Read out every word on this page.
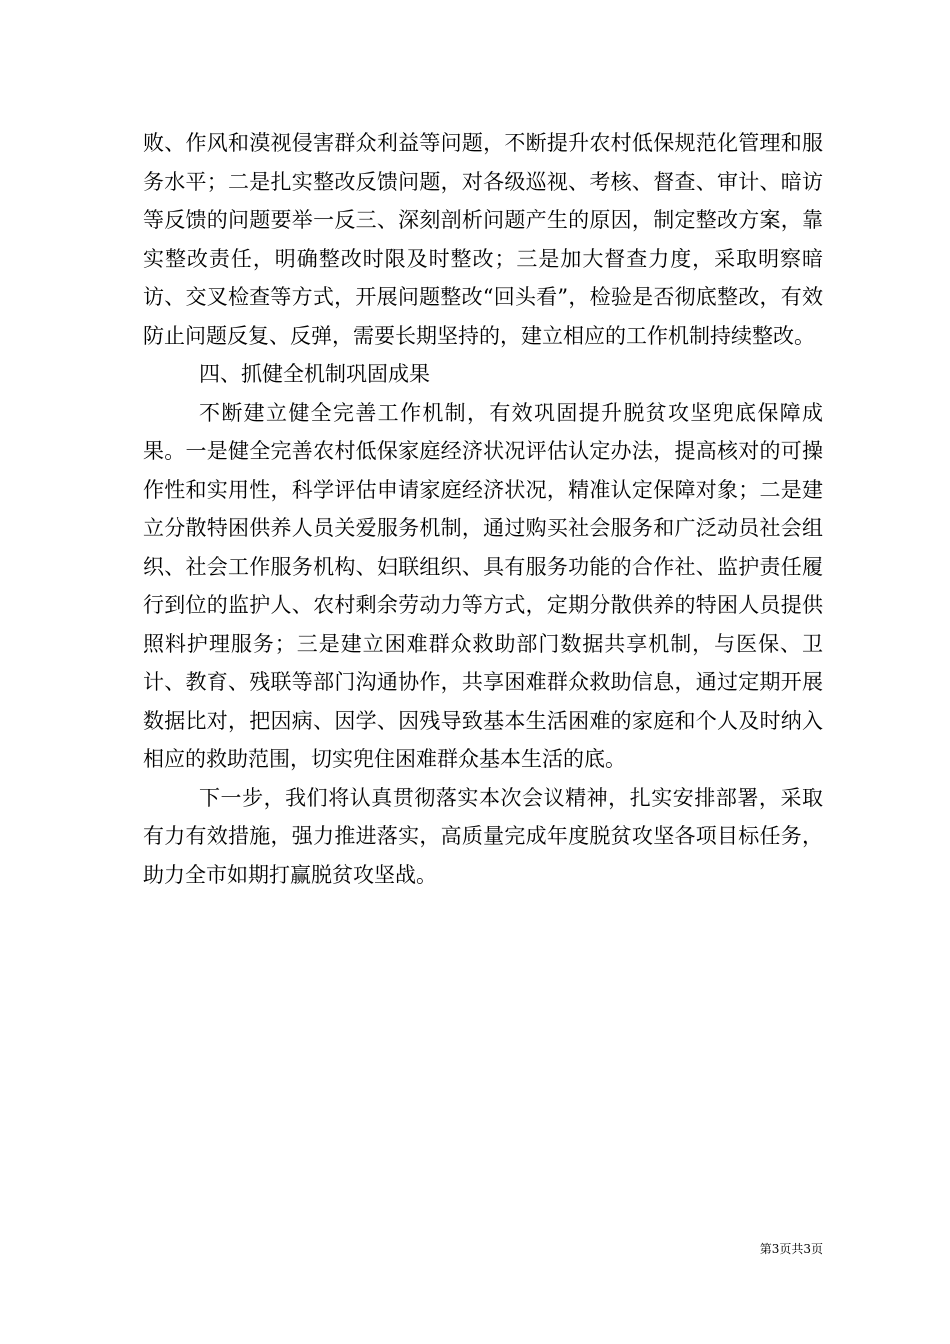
败、作风和漠视侵害群众利益等问题，不断提升农村低保规范化管理和服务水平；二是扎实整改反馈问题，对各级巡视、考核、督查、审计、暗访等反馈的问题要举一反三、深刻剖析问题产生的原因，制定整改方案，靠实整改责任，明确整改时限及时整改；三是加大督查力度，采取明察暗访、交叉检查等方式，开展问题整改“回头看”，检验是否彻底整改，有效防止问题反复、反弹，需要长期坚持的，建立相应的工作机制持续整改。

四、抓健全机制巩固成果

不断建立健全完善工作机制，有效巩固提升脱贫攻坚兜底保障成果。一是健全完善农村低保家庭经济状况评估认定办法，提高核对的可操作性和实用性，科学评估申请家庭经济状况，精准认定保障对象；二是建立分散特困供养人员关爱服务机制，通过购买社会服务和广泛动员社会组织、社会工作服务机构、妇联组织、具有服务功能的合作社、监护责任履行到位的监护人、农村剩余劳动力等方式，定期分散供养的特困人员提供照料护理服务；三是建立困难群众救助部门数据共享机制，与医保、卫计、教育、残联等部门沟通协作，共享困难群众救助信息，通过定期开展数据比对，把因病、因学、因残导致基本生活困难的家庭和个人及时纳入相应的救助范围，切实兜住困难群众基本生活的底。

下一步，我们将认真贯彻落实本次会议精神，扎实安排部署，采取有力有效措施，强力推进落实，高质量完成年度脱贫攻坚各项目标任务，助力全市如期打赢脱贫攻坚战。

第3页共3页
